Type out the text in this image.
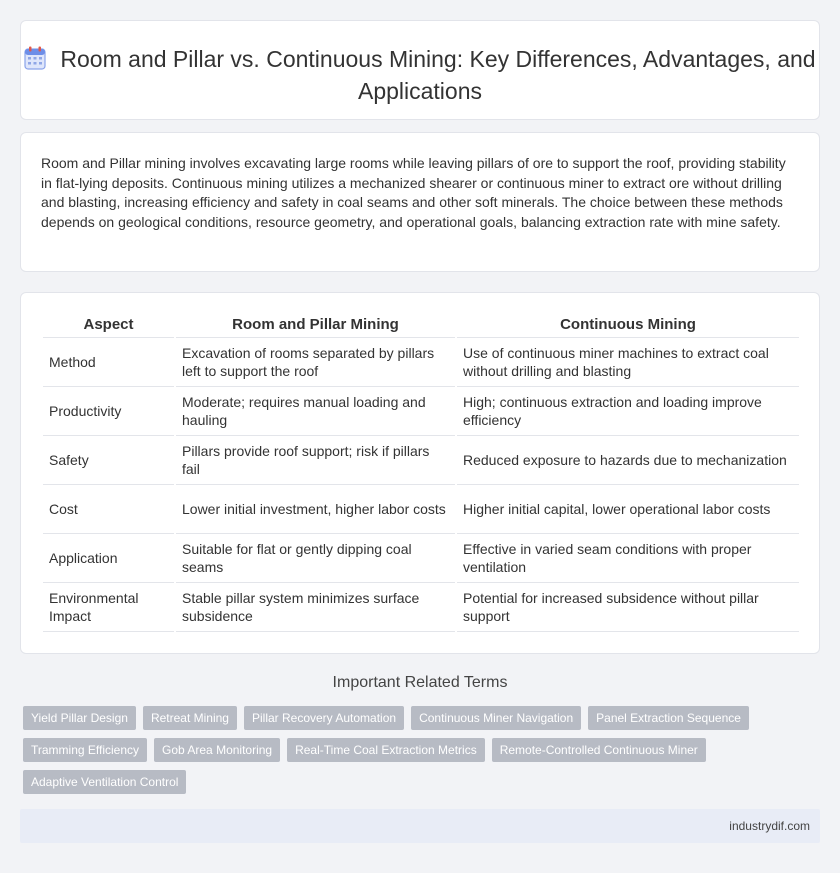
Room and Pillar vs. Continuous Mining: Key Differences, Advantages, and Applications

Room and Pillar mining involves excavating large rooms while leaving pillars of ore to support the roof, providing stability in flat-lying deposits. Continuous mining utilizes a mechanized shearer or continuous miner to extract ore without drilling and blasting, increasing efficiency and safety in coal seams and other soft minerals. The choice between these methods depends on geological conditions, resource geometry, and operational goals, balancing extraction rate with mine safety.

Aspect	Room and Pillar Mining	Continuous Mining
Method	Excavation of rooms separated by pillars left to support the roof	Use of continuous miner machines to extract coal without drilling and blasting
Productivity	Moderate; requires manual loading and hauling	High; continuous extraction and loading improve efficiency
Safety	Pillars provide roof support; risk if pillars fail	Reduced exposure to hazards due to mechanization
Cost	Lower initial investment, higher labor costs	Higher initial capital, lower operational labor costs
Application	Suitable for flat or gently dipping coal seams	Effective in varied seam conditions with proper ventilation
Environmental Impact	Stable pillar system minimizes surface subsidence	Potential for increased subsidence without pillar support
Important Related Terms
Yield Pillar Design	Retreat Mining	Pillar Recovery Automation	Continuous Miner Navigation	Panel Extraction Sequence
Tramming Efficiency	Gob Area Monitoring	Real-Time Coal Extraction Metrics	Remote-Controlled Continuous Miner
Adaptive Ventilation Control
industrydif.com
